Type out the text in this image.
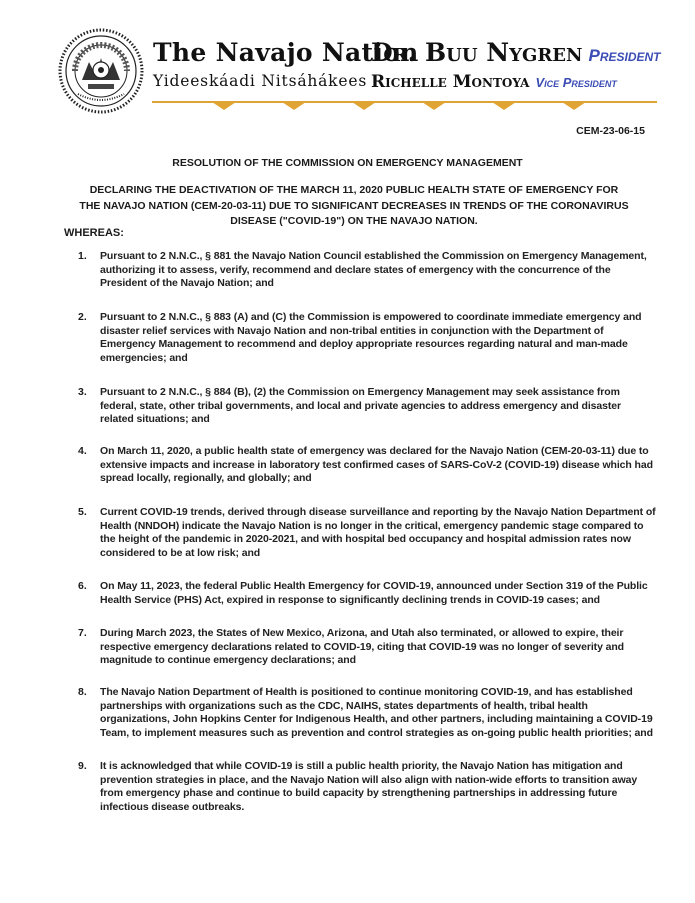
The Navajo Nation
Yideeskáadi Nitsáhákees
Dr. Buu Nygren President
Richelle Montoya Vice President
CEM-23-06-15
RESOLUTION OF THE COMMISSION ON EMERGENCY MANAGEMENT
DECLARING THE DEACTIVATION OF THE MARCH 11, 2020 PUBLIC HEALTH STATE OF EMERGENCY FOR THE NAVAJO NATION (CEM-20-03-11) DUE TO SIGNIFICANT DECREASES IN TRENDS OF THE CORONAVIRUS DISEASE ("COVID-19") ON THE NAVAJO NATION.
WHEREAS:
1.	Pursuant to 2 N.N.C., § 881 the Navajo Nation Council established the Commission on Emergency Management, authorizing it to assess, verify, recommend and declare states of emergency with the concurrence of the President of the Navajo Nation; and
2.	Pursuant to 2 N.N.C., § 883 (A) and (C) the Commission is empowered to coordinate immediate emergency and disaster relief services with Navajo Nation and non-tribal entities in conjunction with the Department of Emergency Management to recommend and deploy appropriate resources regarding natural and man-made emergencies; and
3.	Pursuant to 2 N.N.C., § 884 (B), (2) the Commission on Emergency Management may seek assistance from federal, state, other tribal governments, and local and private agencies to address emergency and disaster related situations; and
4.	On March 11, 2020, a public health state of emergency was declared for the Navajo Nation (CEM-20-03-11) due to extensive impacts and increase in laboratory test confirmed cases of SARS-CoV-2 (COVID-19) disease which had spread locally, regionally, and globally; and
5.	Current COVID-19 trends, derived through disease surveillance and reporting by the Navajo Nation Department of Health (NNDOH) indicate the Navajo Nation is no longer in the critical, emergency pandemic stage compared to the height of the pandemic in 2020-2021, and with hospital bed occupancy and hospital admission rates now considered to be at low risk; and
6.	On May 11, 2023, the federal Public Health Emergency for COVID-19, announced under Section 319 of the Public Health Service (PHS) Act, expired in response to significantly declining trends in COVID-19 cases; and
7.	During March 2023, the States of New Mexico, Arizona, and Utah also terminated, or allowed to expire, their respective emergency declarations related to COVID-19, citing that COVID-19 was no longer of severity and magnitude to continue emergency declarations; and
8.	The Navajo Nation Department of Health is positioned to continue monitoring COVID-19, and has established partnerships with organizations such as the CDC, NAIHS, states departments of health, tribal health organizations, John Hopkins Center for Indigenous Health, and other partners, including maintaining a COVID-19 Team, to implement measures such as prevention and control strategies as on-going public health priorities; and
9.	It is acknowledged that while COVID-19 is still a public health priority, the Navajo Nation has mitigation and prevention strategies in place, and the Navajo Nation will also align with nation-wide efforts to transition away from emergency phase and continue to build capacity by strengthening partnerships in addressing future infectious disease outbreaks.
